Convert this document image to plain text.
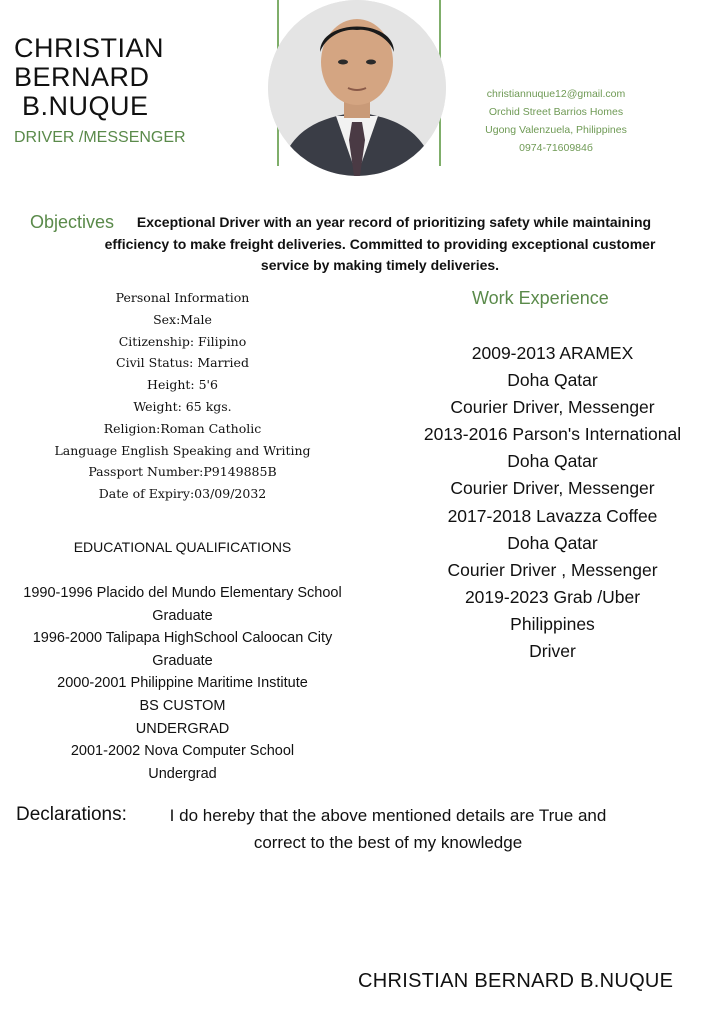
CHRISTIAN
BERNARD
B.NUQUE
DRIVER /MESSENGER
christiannuque12@gmail.com
Orchid Street Barrios Homes
Ugong Valenzuela, Philippines
0974-7160984б
Objectives	Exceptional Driver with an year record of prioritizing safety while maintaining efficiency to make freight deliveries. Committed to providing exceptional customer service by making timely deliveries.
Personal Information
Sex:Male
Citizenship: Filipino
Civil Status: Married
Height: 5'6
Weight: 65 kgs.
Religion:Roman Catholic
Language English Speaking and Writing
Passport Number:P9149885B
Date of Expiry:03/09/2032
EDUCATIONAL QUALIFICATIONS
1990-1996 Placido del Mundo Elementary School
Graduate
1996-2000 Talipapa HighSchool Caloocan City
Graduate
2000-2001 Philippine Maritime Institute
BS CUSTOM
UNDERGRAD
2001-2002 Nova Computer School
Undergrad
Work Experience
2009-2013 ARAMEX
Doha Qatar
Courier Driver, Messenger
2013-2016 Parson's International
Doha Qatar
Courier Driver, Messenger
2017-2018 Lavazza Coffee
Doha Qatar
Courier Driver , Messenger
2019-2023 Grab /Uber
Philippines
Driver
Declarations:	I do hereby that the above mentioned details are True and correct to the best of my knowledge
CHRISTIAN BERNARD B.NUQUE
